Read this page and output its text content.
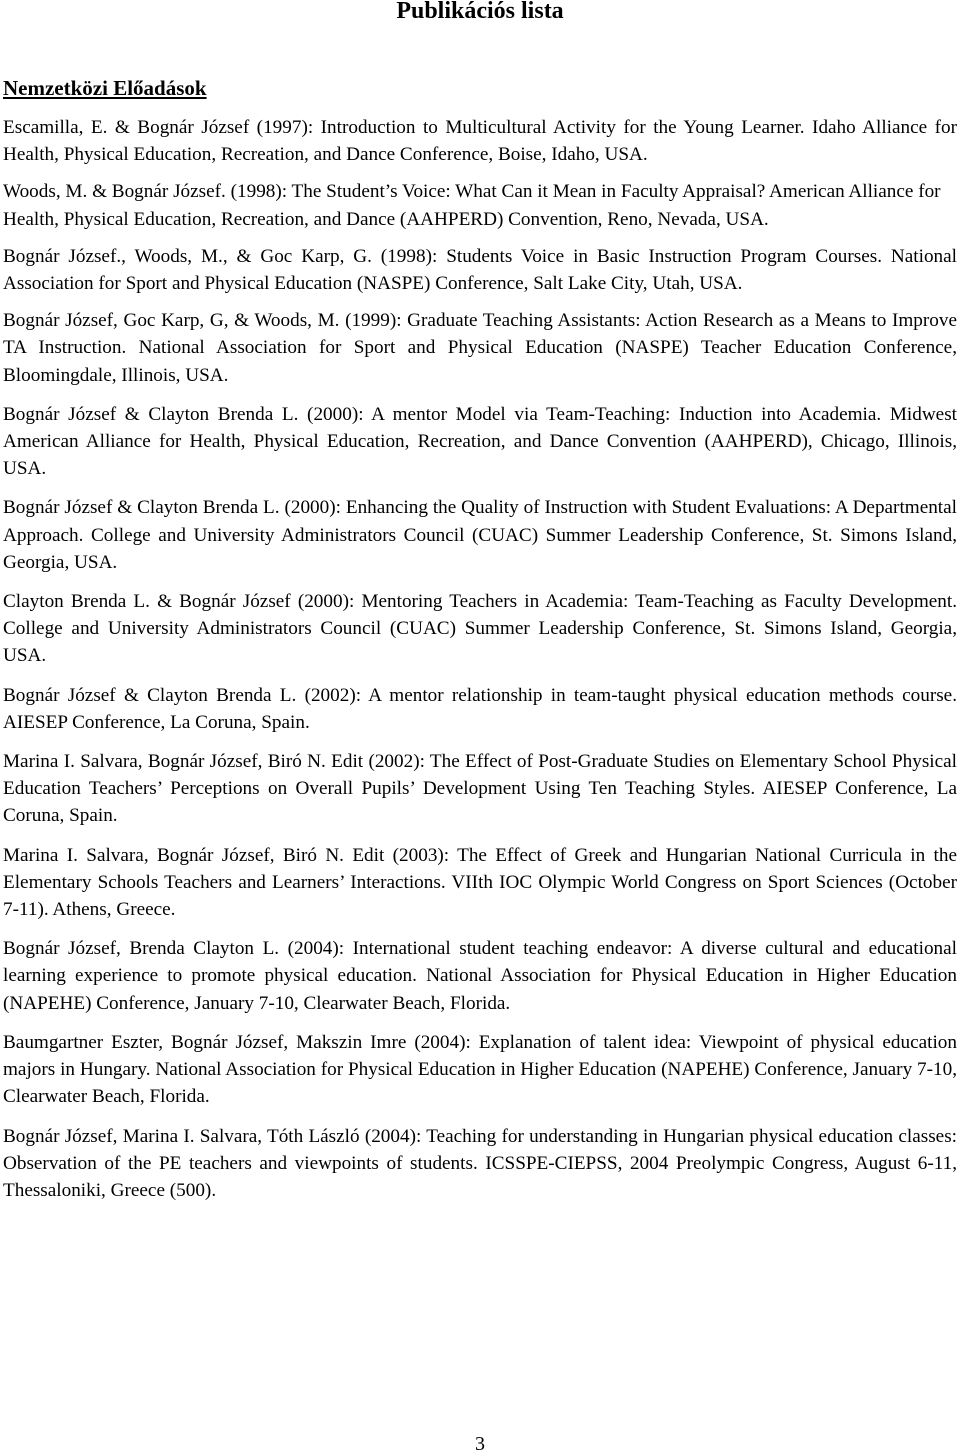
Publikációs lista
Nemzetközi Előadások

Escamilla, E. & Bognár József (1997): Introduction to Multicultural Activity for the Young Learner. Idaho Alliance for Health, Physical Education, Recreation, and Dance Conference, Boise, Idaho, USA.

Woods, M. & Bognár József. (1998): The Student’s Voice: What Can it Mean in Faculty Appraisal? American Alliance for Health, Physical Education, Recreation, and Dance (AAHPERD) Convention, Reno, Nevada, USA.

Bognár József., Woods, M., & Goc Karp, G. (1998): Students Voice in Basic Instruction Program Courses. National Association for Sport and Physical Education (NASPE) Conference, Salt Lake City, Utah, USA.

Bognár József, Goc Karp, G, & Woods, M. (1999): Graduate Teaching Assistants: Action Research as a Means to Improve TA Instruction. National Association for Sport and Physical Education (NASPE) Teacher Education Conference, Bloomingdale, Illinois, USA.

Bognár József & Clayton Brenda L. (2000): A mentor Model via Team-Teaching: Induction into Academia. Midwest American Alliance for Health, Physical Education, Recreation, and Dance Convention (AAHPERD), Chicago, Illinois, USA.

Bognár József & Clayton Brenda L. (2000): Enhancing the Quality of Instruction with Student Evaluations: A Departmental Approach. College and University Administrators Council (CUAC) Summer Leadership Conference, St. Simons Island, Georgia, USA.

Clayton Brenda L. & Bognár József (2000): Mentoring Teachers in Academia: Team-Teaching as Faculty Development. College and University Administrators Council (CUAC) Summer Leadership Conference, St. Simons Island, Georgia, USA.

Bognár József & Clayton Brenda L. (2002): A mentor relationship in team-taught physical education methods course. AIESEP Conference, La Coruna, Spain.

Marina I. Salvara, Bognár József, Biró N. Edit (2002): The Effect of Post-Graduate Studies on Elementary School Physical Education Teachers’ Perceptions on Overall Pupils’ Development Using Ten Teaching Styles. AIESEP Conference, La Coruna, Spain.

Marina I. Salvara, Bognár József, Biró N. Edit (2003): The Effect of Greek and Hungarian National Curricula in the Elementary Schools Teachers and Learners’ Interactions. VIIth IOC Olympic World Congress on Sport Sciences (October 7-11). Athens, Greece.

Bognár József, Brenda Clayton L. (2004): International student teaching endeavor: A diverse cultural and educational learning experience to promote physical education. National Association for Physical Education in Higher Education (NAPEHE) Conference, January 7-10, Clearwater Beach, Florida.

Baumgartner Eszter, Bognár József, Makszin Imre (2004): Explanation of talent idea: Viewpoint of physical education majors in Hungary. National Association for Physical Education in Higher Education (NAPEHE) Conference, January 7-10, Clearwater Beach, Florida.

Bognár József, Marina I. Salvara, Tóth László (2004): Teaching for understanding in Hungarian physical education classes: Observation of the PE teachers and viewpoints of students. ICSSPE-CIEPSS, 2004 Preolympic Congress, August 6-11, Thessaloniki, Greece (500).

3
